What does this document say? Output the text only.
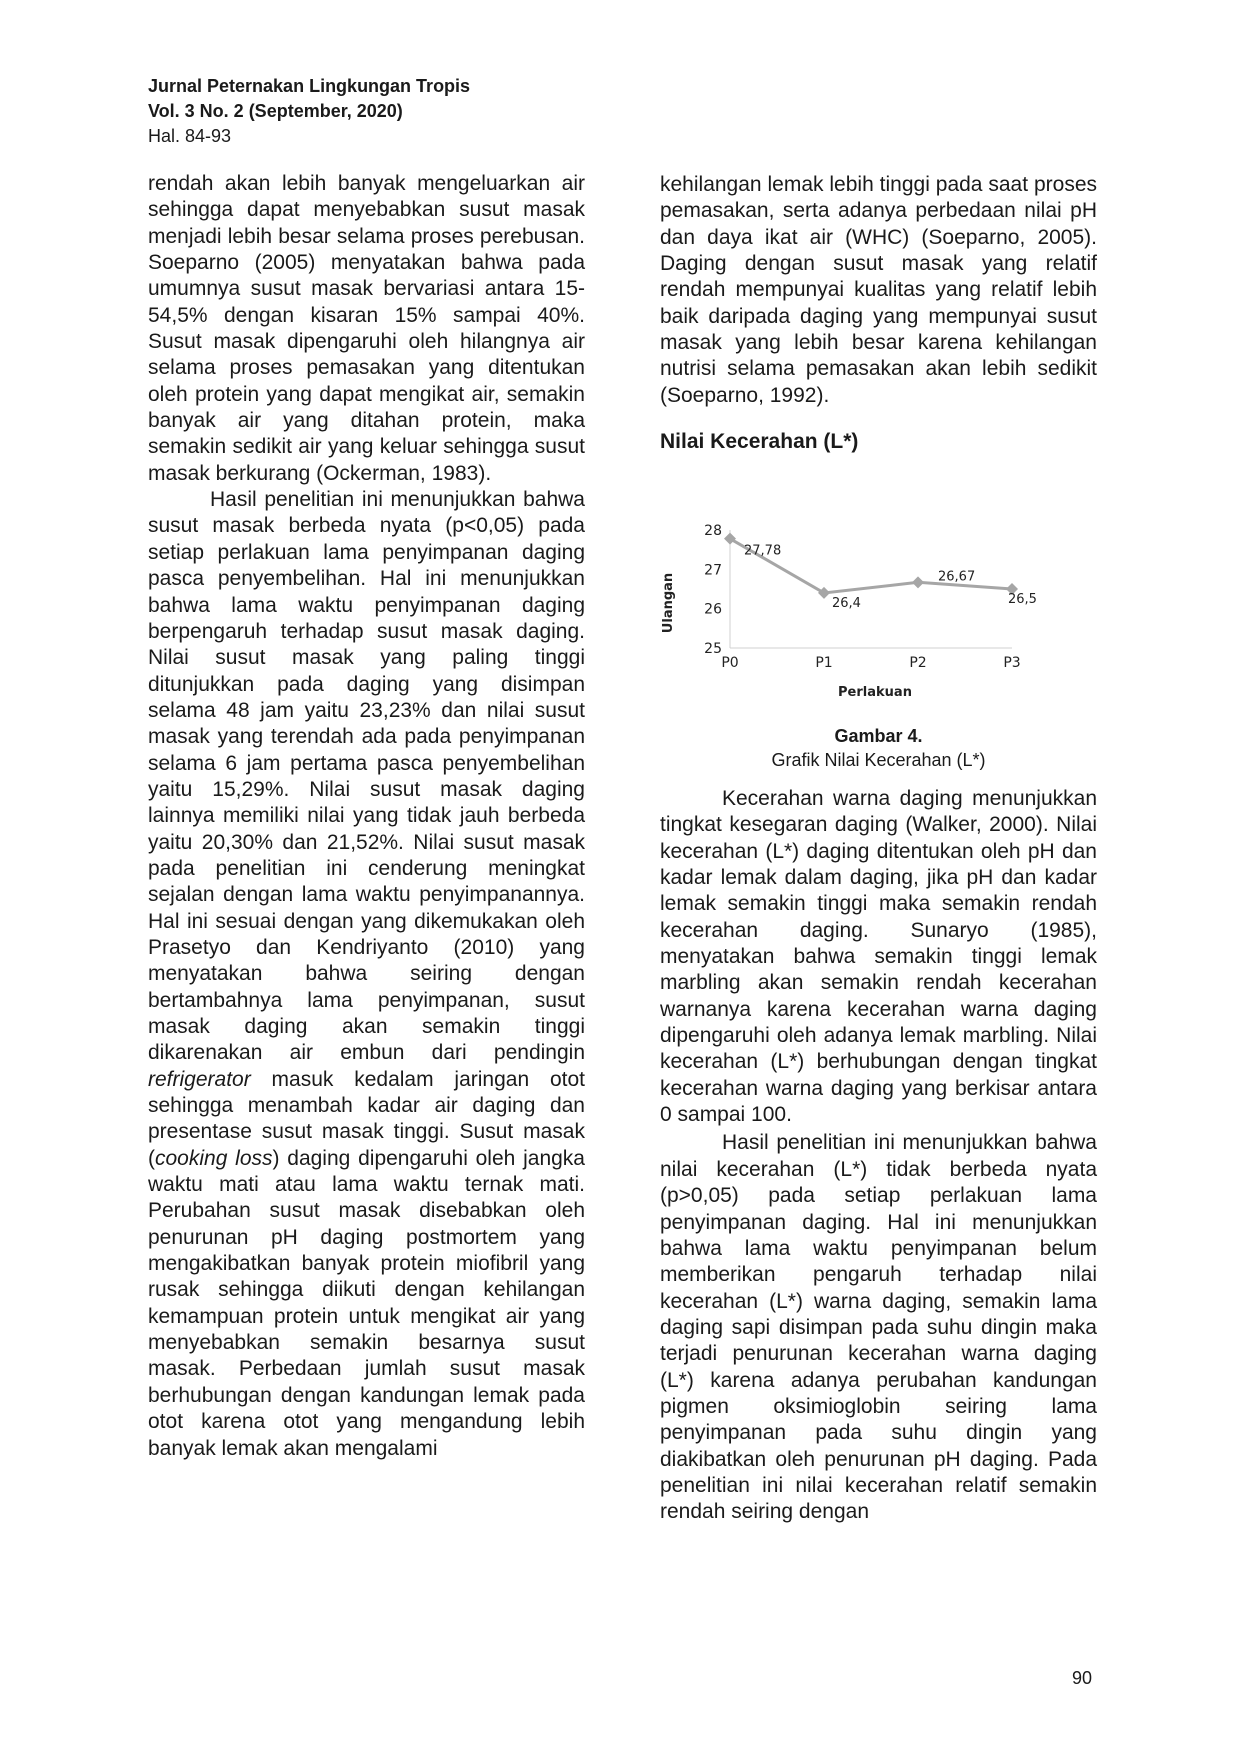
Jurnal Peternakan Lingkungan Tropis
Vol. 3 No. 2 (September, 2020)
Hal. 84-93

rendah akan lebih banyak mengeluarkan air sehingga dapat menyebabkan susut masak menjadi lebih besar selama proses perebusan. Soeparno (2005) menyatakan bahwa pada umumnya susut masak bervariasi antara 15-54,5% dengan kisaran 15% sampai 40%. Susut masak dipengaruhi oleh hilangnya air selama proses pemasakan yang ditentukan oleh protein yang dapat mengikat air, semakin banyak air yang ditahan protein, maka semakin sedikit air yang keluar sehingga susut masak berkurang (Ockerman, 1983).

Hasil penelitian ini menunjukkan bahwa susut masak berbeda nyata (p<0,05) pada setiap perlakuan lama penyimpanan daging pasca penyembelihan. Hal ini menunjukkan bahwa lama waktu penyimpanan daging berpengaruh terhadap susut masak daging. Nilai susut masak yang paling tinggi ditunjukkan pada daging yang disimpan selama 48 jam yaitu 23,23% dan nilai susut masak yang terendah ada pada penyimpanan selama 6 jam pertama pasca penyembelihan yaitu 15,29%. Nilai susut masak daging lainnya memiliki nilai yang tidak jauh berbeda yaitu 20,30% dan 21,52%. Nilai susut masak pada penelitian ini cenderung meningkat sejalan dengan lama waktu penyimpanannya. Hal ini sesuai dengan yang dikemukakan oleh Prasetyo dan Kendriyanto (2010) yang menyatakan bahwa seiring dengan bertambahnya lama penyimpanan, susut masak daging akan semakin tinggi dikarenakan air embun dari pendingin refrigerator masuk kedalam jaringan otot sehingga menambah kadar air daging dan presentase susut masak tinggi. Susut masak (cooking loss) daging dipengaruhi oleh jangka waktu mati atau lama waktu ternak mati. Perubahan susut masak disebabkan oleh penurunan pH daging postmortem yang mengakibatkan banyak protein miofibril yang rusak sehingga diikuti dengan kehilangan kemampuan protein untuk mengikat air yang menyebabkan semakin besarnya susut masak. Perbedaan jumlah susut masak berhubungan dengan kandungan lemak pada otot karena otot yang mengandung lebih banyak lemak akan mengalami

kehilangan lemak lebih tinggi pada saat proses pemasakan, serta adanya perbedaan nilai pH dan daya ikat air (WHC) (Soeparno, 2005). Daging dengan susut masak yang relatif rendah mempunyai kualitas yang relatif lebih baik daripada daging yang mempunyai susut masak yang lebih besar karena kehilangan nutrisi selama pemasakan akan lebih sedikit (Soeparno, 1992).

Nilai Kecerahan (L*)
25
26
27
28
P0	P1	P2	P3
27,78
26,4
26,67
26,5
Perlakuan
Ulangan
Gambar 4.
Grafik Nilai Kecerahan (L*)

Kecerahan warna daging menunjukkan tingkat kesegaran daging (Walker, 2000). Nilai kecerahan (L*) daging ditentukan oleh pH dan kadar lemak dalam daging, jika pH dan kadar lemak semakin tinggi maka semakin rendah kecerahan daging. Sunaryo (1985), menyatakan bahwa semakin tinggi lemak marbling akan semakin rendah kecerahan warnanya karena kecerahan warna daging dipengaruhi oleh adanya lemak marbling. Nilai kecerahan (L*) berhubungan dengan tingkat kecerahan warna daging yang berkisar antara 0 sampai 100.

Hasil penelitian ini menunjukkan bahwa nilai kecerahan (L*) tidak berbeda nyata (p>0,05) pada setiap perlakuan lama penyimpanan daging. Hal ini menunjukkan bahwa lama waktu penyimpanan belum memberikan pengaruh terhadap nilai kecerahan (L*) warna daging, semakin lama daging sapi disimpan pada suhu dingin maka terjadi penurunan kecerahan warna daging (L*) karena adanya perubahan kandungan pigmen oksimioglobin seiring lama penyimpanan pada suhu dingin yang diakibatkan oleh penurunan pH daging. Pada penelitian ini nilai kecerahan relatif semakin rendah seiring dengan

90
